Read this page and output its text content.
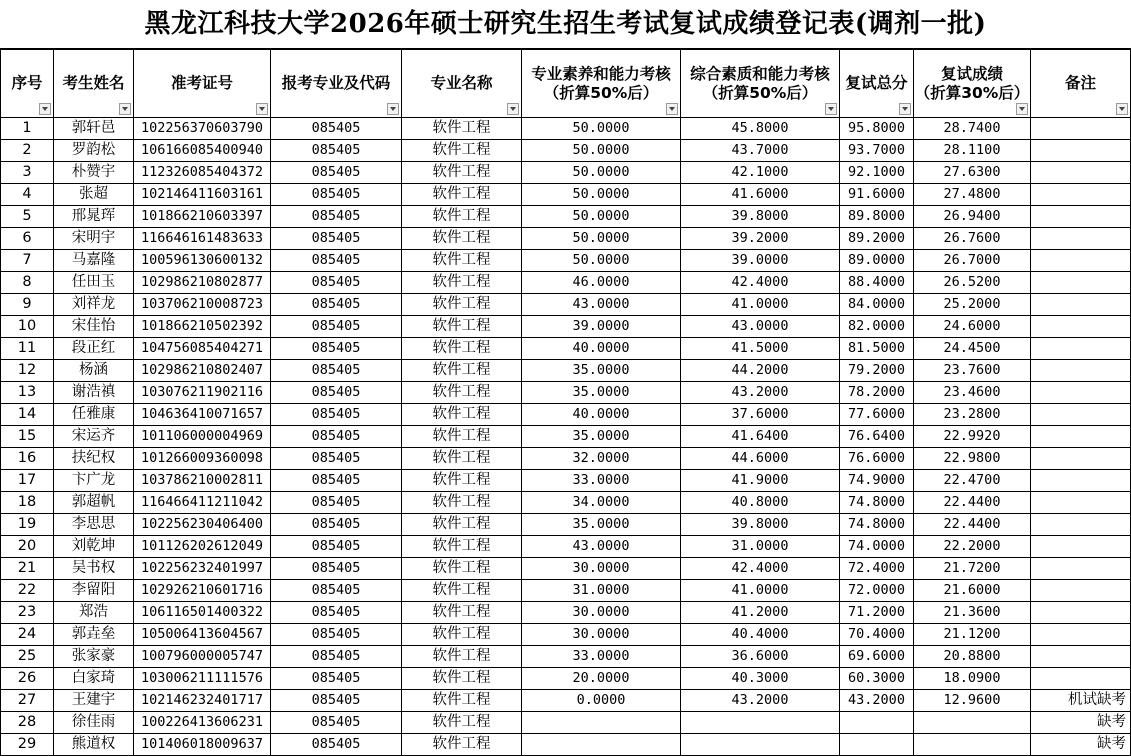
黑龙江科技大学2026年硕士研究生招生考试复试成绩登记表(调剂一批)
序号	考生姓名	准考证号	报考专业及代码	专业名称	专业素养和能力考核
（折算50%后）	综合素质和能力考核
（折算50%后）	复试总分	复试成绩
（折算30%后）	备注

1	郭轩邑	102256370603790	085405	软件工程	50.0000	45.8000	95.8000	28.7400	
2	罗韵松	106166085400940	085405	软件工程	50.0000	43.7000	93.7000	28.1100	
3	朴赞宇	112326085404372	085405	软件工程	50.0000	42.1000	92.1000	27.6300	
4	张超	102146411603161	085405	软件工程	50.0000	41.6000	91.6000	27.4800	
5	邢晁珲	101866210603397	085405	软件工程	50.0000	39.8000	89.8000	26.9400	
6	宋明宇	116646161483633	085405	软件工程	50.0000	39.2000	89.2000	26.7600	
7	马嘉隆	100596130600132	085405	软件工程	50.0000	39.0000	89.0000	26.7000	
8	任田玉	102986210802877	085405	软件工程	46.0000	42.4000	88.4000	26.5200	
9	刘祥龙	103706210008723	085405	软件工程	43.0000	41.0000	84.0000	25.2000	
10	宋佳怡	101866210502392	085405	软件工程	39.0000	43.0000	82.0000	24.6000	
11	段正红	104756085404271	085405	软件工程	40.0000	41.5000	81.5000	24.4500	
12	杨涵	102986210802407	085405	软件工程	35.0000	44.2000	79.2000	23.7600	
13	谢浩禛	103076211902116	085405	软件工程	35.0000	43.2000	78.2000	23.4600	
14	任雅康	104636410071657	085405	软件工程	40.0000	37.6000	77.6000	23.2800	
15	宋运齐	101106000004969	085405	软件工程	35.0000	41.6400	76.6400	22.9920	
16	扶纪权	101266009360098	085405	软件工程	32.0000	44.6000	76.6000	22.9800	
17	卞广龙	103786210002811	085405	软件工程	33.0000	41.9000	74.9000	22.4700	
18	郭超帆	116466411211042	085405	软件工程	34.0000	40.8000	74.8000	22.4400	
19	李思思	102256230406400	085405	软件工程	35.0000	39.8000	74.8000	22.4400	
20	刘乾坤	101126202612049	085405	软件工程	43.0000	31.0000	74.0000	22.2000	
21	吴书权	102256232401997	085405	软件工程	30.0000	42.4000	72.4000	21.7200	
22	李留阳	102926210601716	085405	软件工程	31.0000	41.0000	72.0000	21.6000	
23	郑浩	106116501400322	085405	软件工程	30.0000	41.2000	71.2000	21.3600	
24	郭垚垒	105006413604567	085405	软件工程	30.0000	40.4000	70.4000	21.1200	
25	张家豪	100796000005747	085405	软件工程	33.0000	36.6000	69.6000	20.8800	
26	白家琦	103006211111576	085405	软件工程	20.0000	40.3000	60.3000	18.0900	
27	王建宇	102146232401717	085405	软件工程	0.0000	43.2000	43.2000	12.9600	机试缺考
28	徐佳雨	100226413606231	085405	软件工程					缺考
29	熊道权	101406018009637	085405	软件工程					缺考
